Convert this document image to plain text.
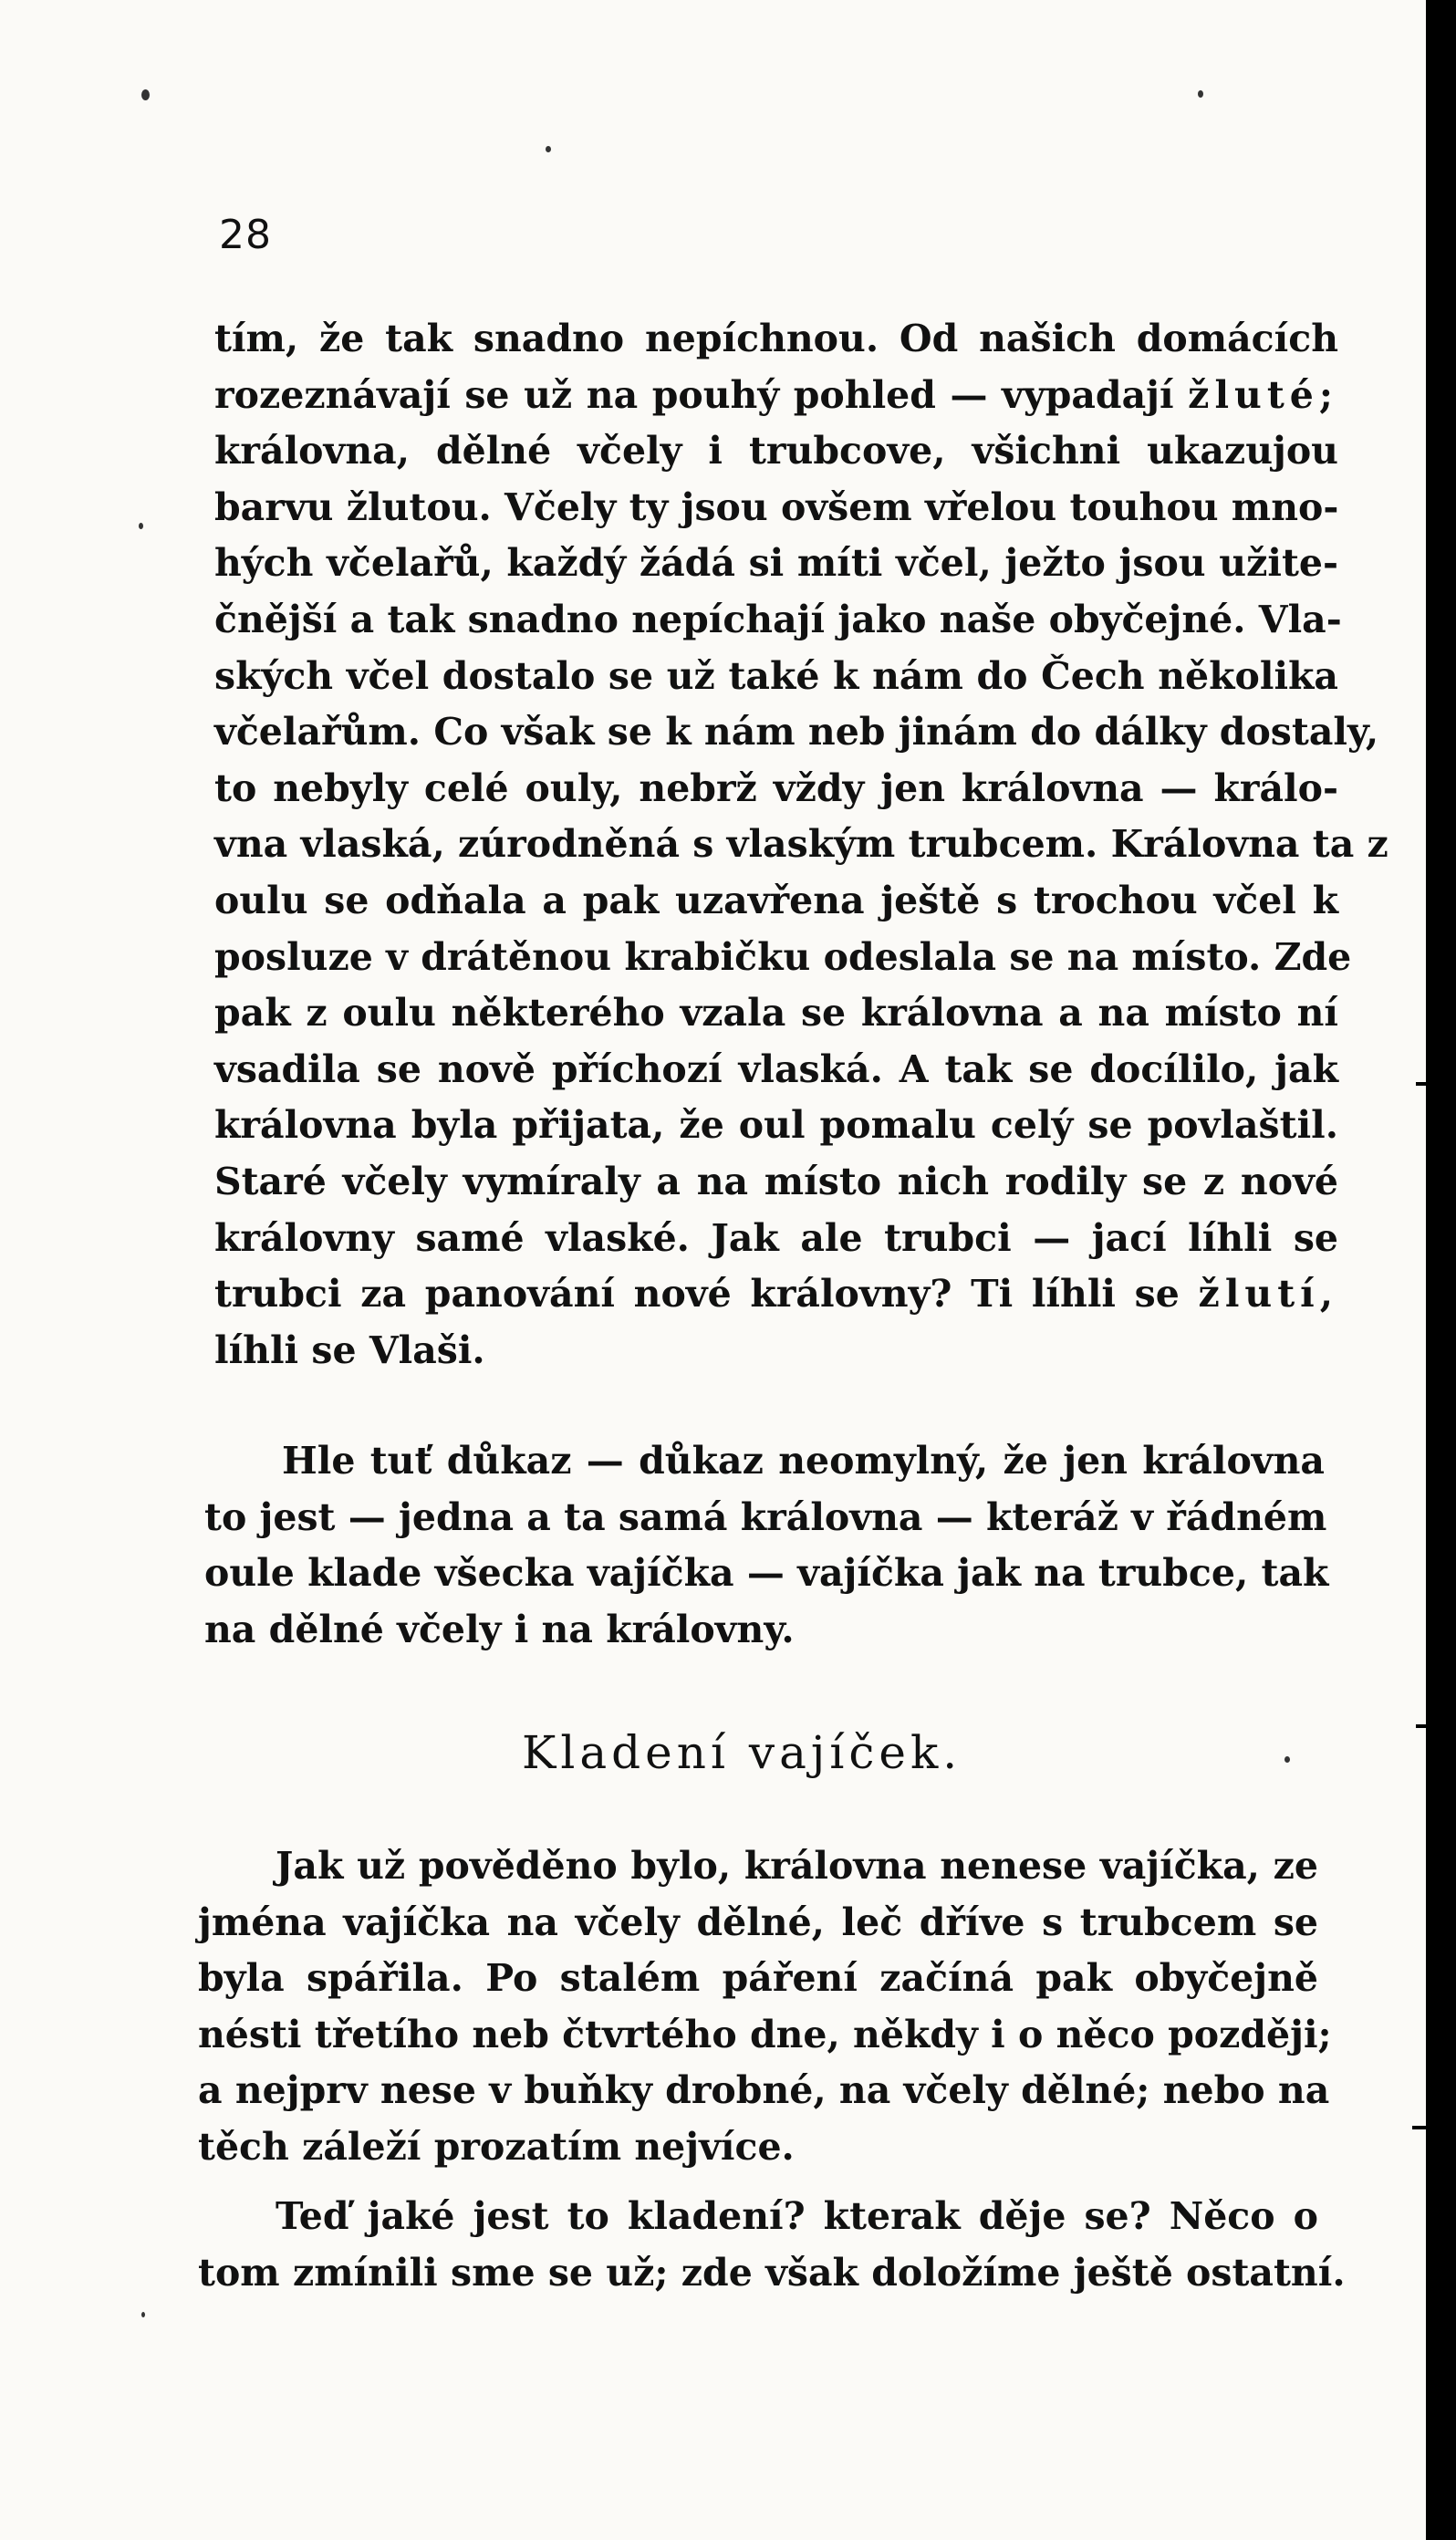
28
tím, že tak snadno nepíchnou. Od našich domácích
rozeznávají se už na pouhý pohled — vypadají žluté;
královna, dělné včely i trubcove, všichni ukazujou
barvu žlutou. Včely ty jsou ovšem vřelou touhou mno-
hých včelařů, každý žádá si míti včel, ježto jsou užite-
čnější a tak snadno nepíchají jako naše obyčejné. Vla-
ských včel dostalo se už také k nám do Čech několika
včelařům. Co však se k nám neb jinám do dálky dostaly,
to nebyly celé ouly, nebrž vždy jen královna — králo-
vna vlaská, zúrodněná s vlaským trubcem. Královna ta z
oulu se odňala a pak uzavřena ještě s trochou včel k
posluze v drátěnou krabičku odeslala se na místo. Zde
pak z oulu některého vzala se královna a na místo ní
vsadila se nově příchozí vlaská. A tak se docílilo, jak
královna byla přijata, že oul pomalu celý se povlaštil.
Staré včely vymíraly a na místo nich rodily se z nové
královny samé vlaské. Jak ale trubci — jací líhli se
trubci za panování nové královny? Ti líhli se žlutí,
líhli se Vlaši.
Hle tuť důkaz — důkaz neomylný, že jen královna
to jest — jedna a ta samá královna — kteráž v řádném
oule klade všecka vajíčka — vajíčka jak na trubce, tak
na dělné včely i na královny.
Kladení vajíček.
Jak už pověděno bylo, královna nenese vajíčka, ze
jména vajíčka na včely dělné, leč dříve s trubcem se
byla spářila. Po stalém páření začíná pak obyčejně
nésti třetího neb čtvrtého dne, někdy i o něco později;
a nejprv nese v buňky drobné, na včely dělné; nebo na
těch záleží prozatím nejvíce.
Teď jaké jest to kladení? kterak děje se? Něco o
tom zmínili sme se už; zde však doložíme ještě ostatní.
